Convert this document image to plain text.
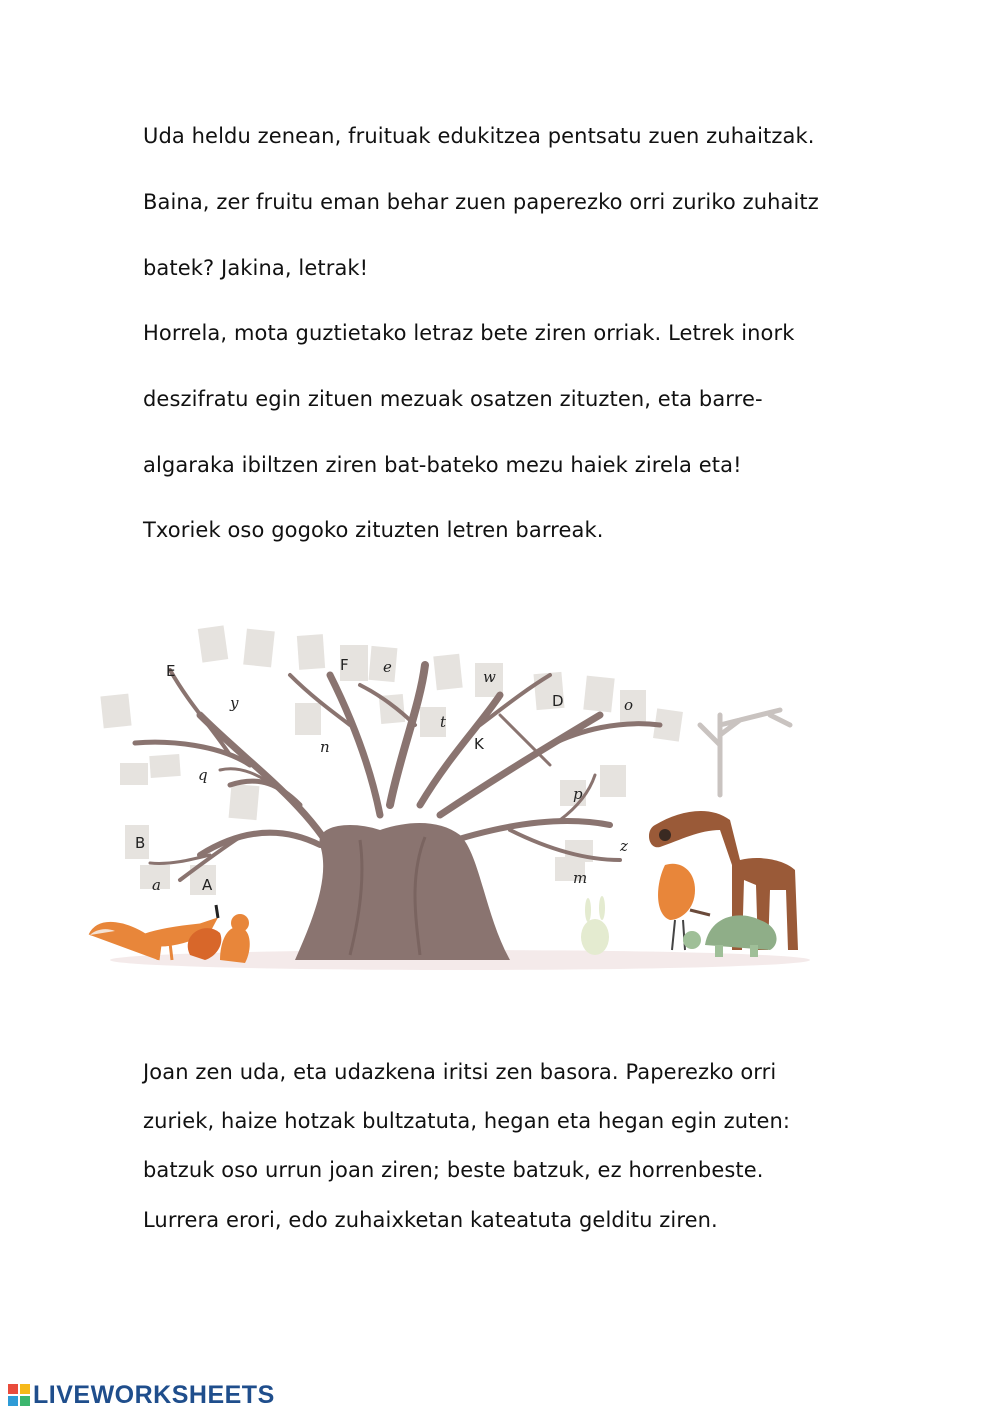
Uda heldu zenean, fruituak edukitzea pentsatu zuen zuhaitzak.
Baina, zer fruitu eman behar zuen paperezko orri zuriko zuhaitz
batek? Jakina, letrak!
Horrela, mota guztietako letraz bete ziren orriak. Letrek inork
deszifratu egin zituen mezuak osatzen zituzten, eta barre-
algaraka ibiltzen ziren bat-bateko mezu haiek zirela eta!
Txoriek oso gogoko zituzten letren barreak.
E
y
F e
w
D	o
n
t
K
q
p
z
B
a	A	m
Joan zen uda, eta udazkena iritsi zen basora. Paperezko orri
zuriek, haize hotzak bultzatuta, hegan eta hegan egin zuten:
batzuk oso urrun joan ziren; beste batzuk, ez horrenbeste.
Lurrera erori, edo zuhaixketan kateatuta gelditu ziren.
LIVEWORKSHEETS
